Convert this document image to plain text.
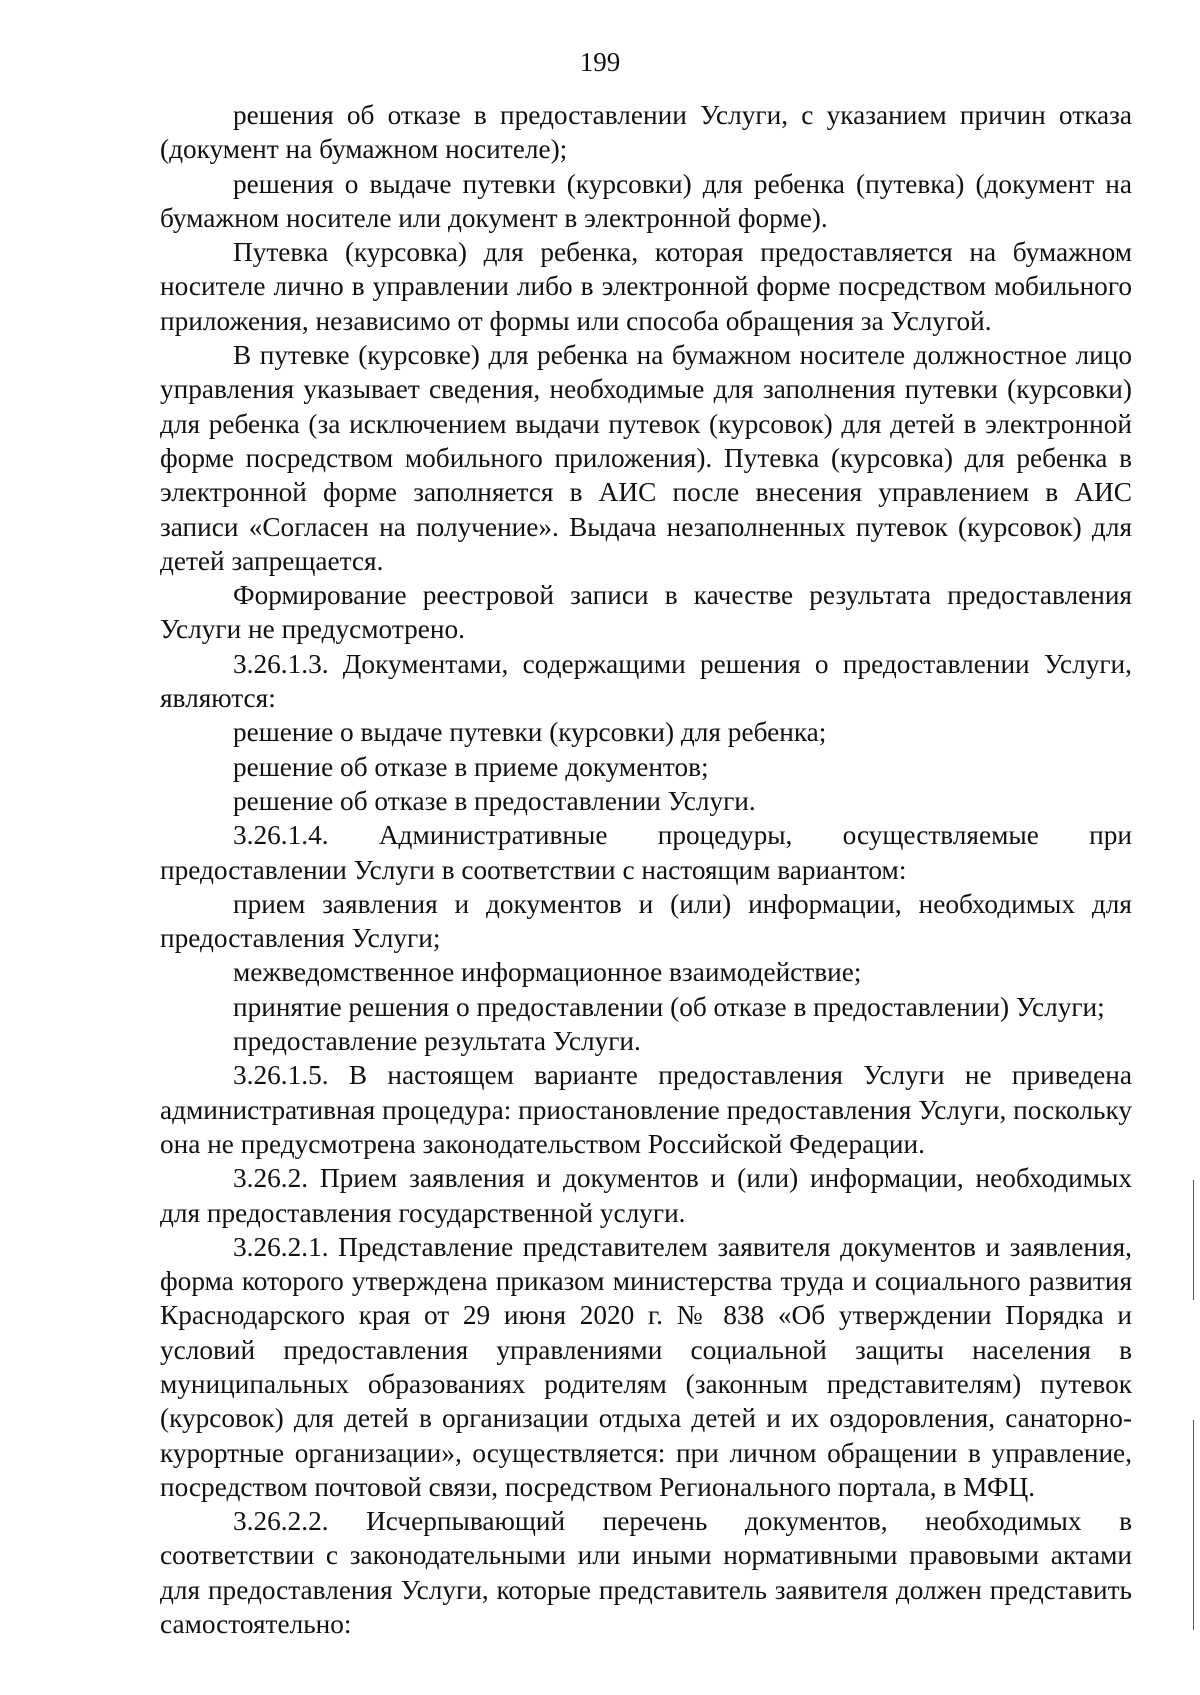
199

решения об отказе в предоставлении Услуги, с указанием причин отказа (документ на бумажном носителе);

решения о выдаче путевки (курсовки) для ребенка (путевка) (документ на бумажном носителе или документ в электронной форме).

Путевка (курсовка) для ребенка, которая предоставляется на бумажном носителе лично в управлении либо в электронной форме посредством мобильного приложения, независимо от формы или способа обращения за Услугой.

В путевке (курсовке) для ребенка на бумажном носителе должностное лицо управления указывает сведения, необходимые для заполнения путевки (курсовки) для ребенка (за исключением выдачи путевок (курсовок) для детей в электронной форме посредством мобильного приложения). Путевка (курсовка) для ребенка в электронной форме заполняется в АИС после внесения управлением в АИС записи «Согласен на получение». Выдача незаполненных путевок (курсовок) для детей запрещается.

Формирование реестровой записи в качестве результата предоставления Услуги не предусмотрено.

3.26.1.3. Документами, содержащими решения о предоставлении Услуги, являются:

решение о выдаче путевки (курсовки) для ребенка;

решение об отказе в приеме документов;

решение об отказе в предоставлении Услуги.

3.26.1.4. Административные процедуры, осуществляемые при предоставлении Услуги в соответствии с настоящим вариантом:

прием заявления и документов и (или) информации, необходимых для предоставления Услуги;

межведомственное информационное взаимодействие;

принятие решения о предоставлении (об отказе в предоставлении) Услуги;

предоставление результата Услуги.

3.26.1.5. В настоящем варианте предоставления Услуги не приведена административная процедура: приостановление предоставления Услуги, поскольку она не предусмотрена законодательством Российской Федерации.

3.26.2. Прием заявления и документов и (или) информации, необходимых для предоставления государственной услуги.

3.26.2.1. Представление представителем заявителя документов и заявления, форма которого утверждена приказом министерства труда и социального развития Краснодарского края от 29 июня 2020 г. № 838 «Об утверждении Порядка и условий предоставления управлениями социальной защиты населения в муниципальных образованиях родителям (законным представителям) путевок (курсовок) для детей в организации отдыха детей и их оздоровления, санаторно-курортные организации», осуществляется: при личном обращении в управление, посредством почтовой связи, посредством Регионального портала, в МФЦ.

3.26.2.2. Исчерпывающий перечень документов, необходимых в соответствии с законодательными или иными нормативными правовыми актами для предоставления Услуги, которые представитель заявителя должен представить самостоятельно:
